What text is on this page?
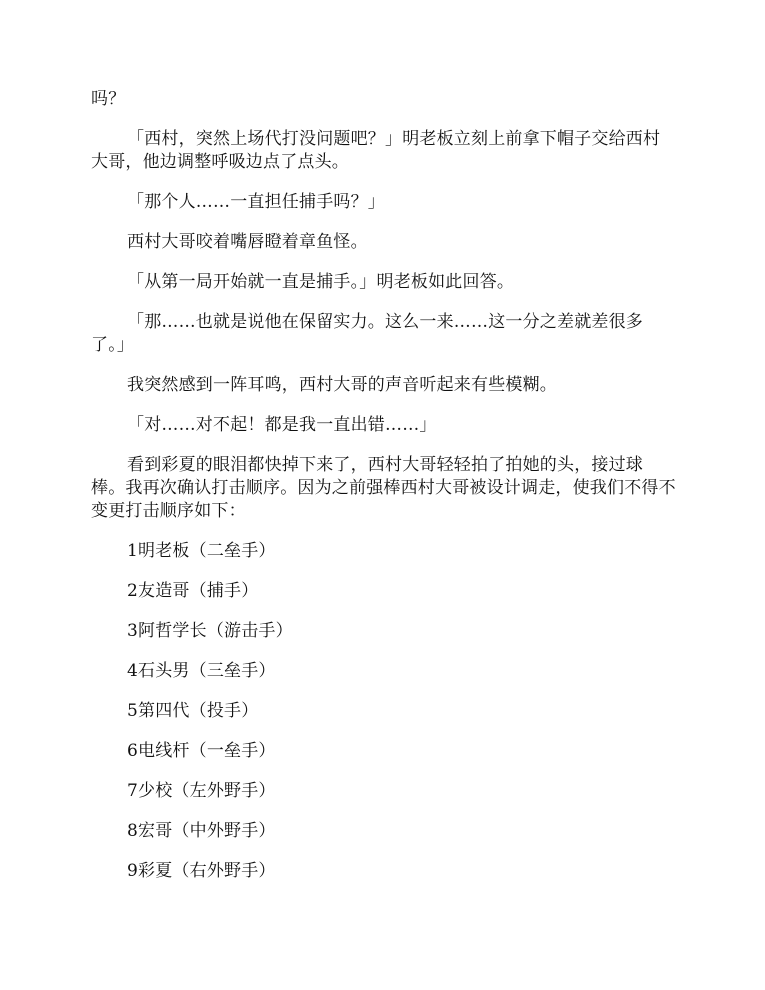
吗？

「西村，突然上场代打没问题吧？」明老板立刻上前拿下帽子交给西村大哥，他边调整呼吸边点了点头。

「那个人……一直担任捕手吗？」

西村大哥咬着嘴唇瞪着章鱼怪。

「从第一局开始就一直是捕手。」明老板如此回答。

「那……也就是说他在保留实力。这么一来……这一分之差就差很多了。」

我突然感到一阵耳鸣，西村大哥的声音听起来有些模糊。

「对……对不起！都是我一直出错……」

看到彩夏的眼泪都快掉下来了，西村大哥轻轻拍了拍她的头，接过球棒。我再次确认打击顺序。因为之前强棒西村大哥被设计调走，使我们不得不变更打击顺序如下：

1明老板（二垒手）

2友造哥（捕手）

3阿哲学长（游击手）

4石头男（三垒手）

5第四代（投手）

6电线杆（一垒手）

7少校（左外野手）

8宏哥（中外野手）

9彩夏（右外野手）
